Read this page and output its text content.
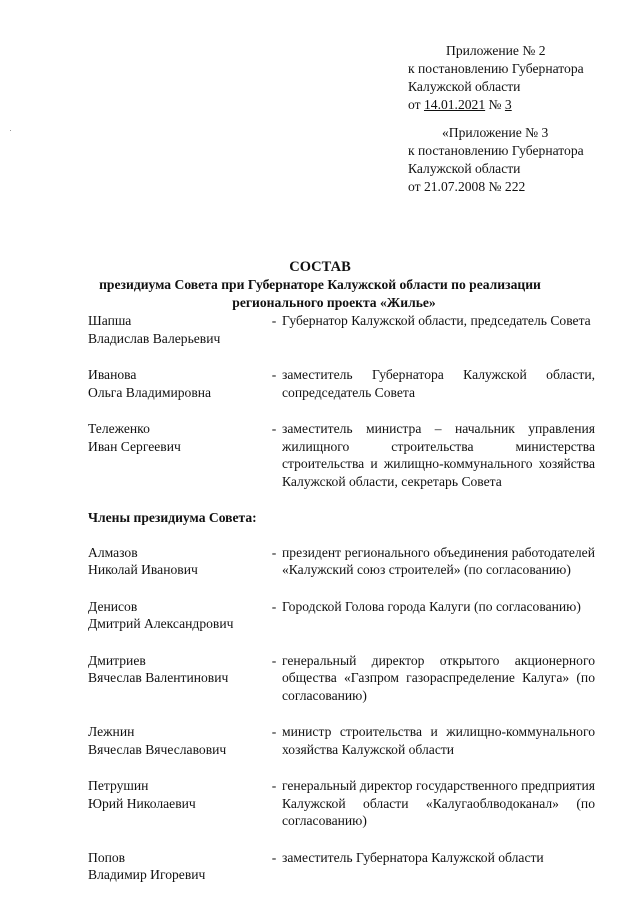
Приложение № 2
к постановлению Губернатора
Калужской области
от 14.01.2021 № 3
«Приложение № 3
к постановлению Губернатора
Калужской области
от 21.07.2008 № 222
СОСТАВ
президиума Совета при Губернаторе Калужской области по реализации
регионального проекта «Жилье»
Шапша
Владислав Валерьевич
- Губернатор Калужской области, председатель Совета
Иванова
Ольга Владимировна
- заместитель Губернатора Калужской области, сопредседатель Совета
Тележенко
Иван Сергеевич
- заместитель министра – начальник управления жилищного строительства министерства строительства и жилищно-коммунального хозяйства Калужской области, секретарь Совета
Члены президиума Совета:
Алмазов
Николай Иванович
- президент регионального объединения работодателей «Калужский союз строителей» (по согласованию)
Денисов
Дмитрий Александрович
- Городской Голова города Калуги (по согласованию)
Дмитриев
Вячеслав Валентинович
- генеральный директор открытого акционерного общества «Газпром газораспределение Калуга» (по согласованию)
Лежнин
Вячеслав Вячеславович
- министр строительства и жилищно-коммунального хозяйства Калужской области
Петрушин
Юрий Николаевич
- генеральный директор государственного предприятия Калужской области «Калугаоблводоканал» (по согласованию)
Попов
Владимир Игоревич
- заместитель Губернатора Калужской области
